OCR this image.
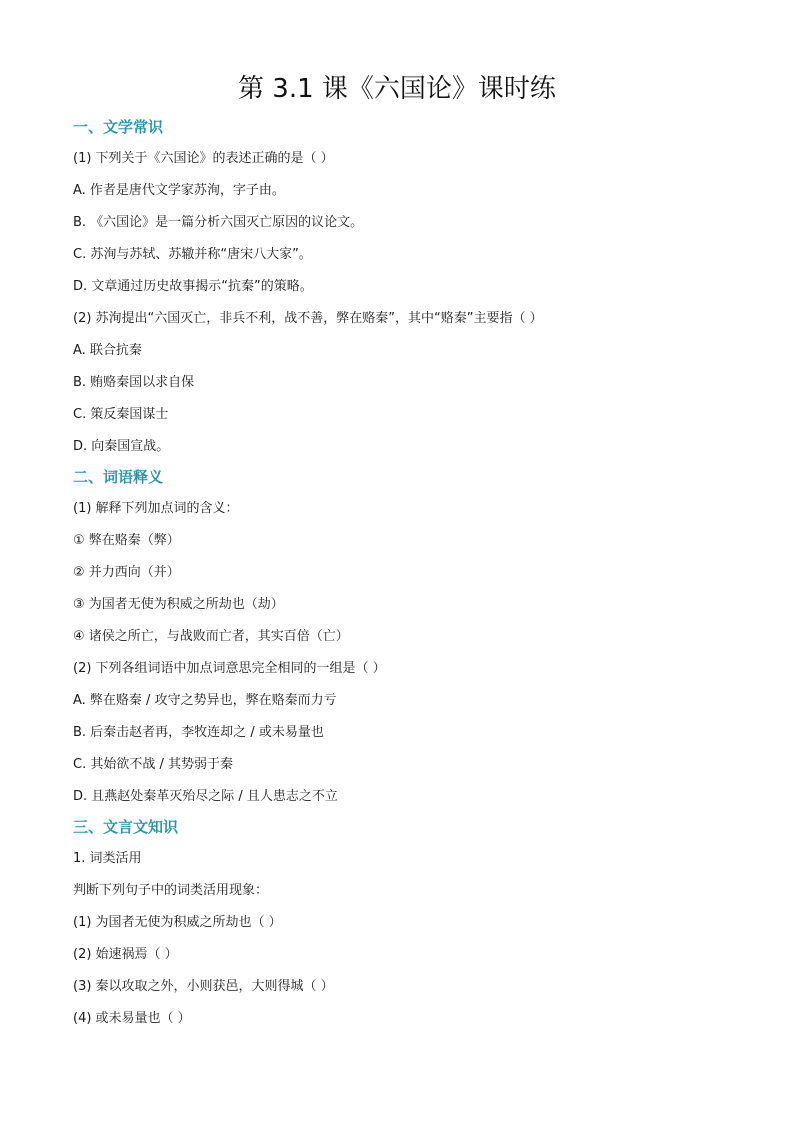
第 3.1 课《六国论》课时练
一、文学常识
(1) 下列关于《六国论》的表述正确的是（ ）
A. 作者是唐代文学家苏洵，字子由。
B. 《六国论》是一篇分析六国灭亡原因的议论文。
C. 苏洵与苏轼、苏辙并称“唐宋八大家”。
D. 文章通过历史故事揭示“抗秦”的策略。
(2) 苏洵提出“六国灭亡，非兵不利，战不善，弊在赂秦”，其中“赂秦”主要指（ ）
A. 联合抗秦
B. 贿赂秦国以求自保
C. 策反秦国谋士
D. 向秦国宣战。
二、词语释义
(1) 解释下列加点词的含义：
① 弊在赂秦（弊）
② 并力西向（并）
③ 为国者无使为积威之所劫也（劫）
④ 诸侯之所亡，与战败而亡者，其实百倍（亡）
(2) 下列各组词语中加点词意思完全相同的一组是（ ）
A. 弊在赂秦 / 攻守之势异也，弊在赂秦而力亏
B. 后秦击赵者再，李牧连却之 / 或未易量也
C. 其始欲不战 / 其势弱于秦
D. 且燕赵处秦革灭殆尽之际 / 且人患志之不立
三、文言文知识
1. 词类活用
判断下列句子中的词类活用现象：
(1) 为国者无使为积威之所劫也（ ）
(2) 始速祸焉（ ）
(3) 秦以攻取之外，小则获邑，大则得城（ ）
(4) 或未易量也（ ）
